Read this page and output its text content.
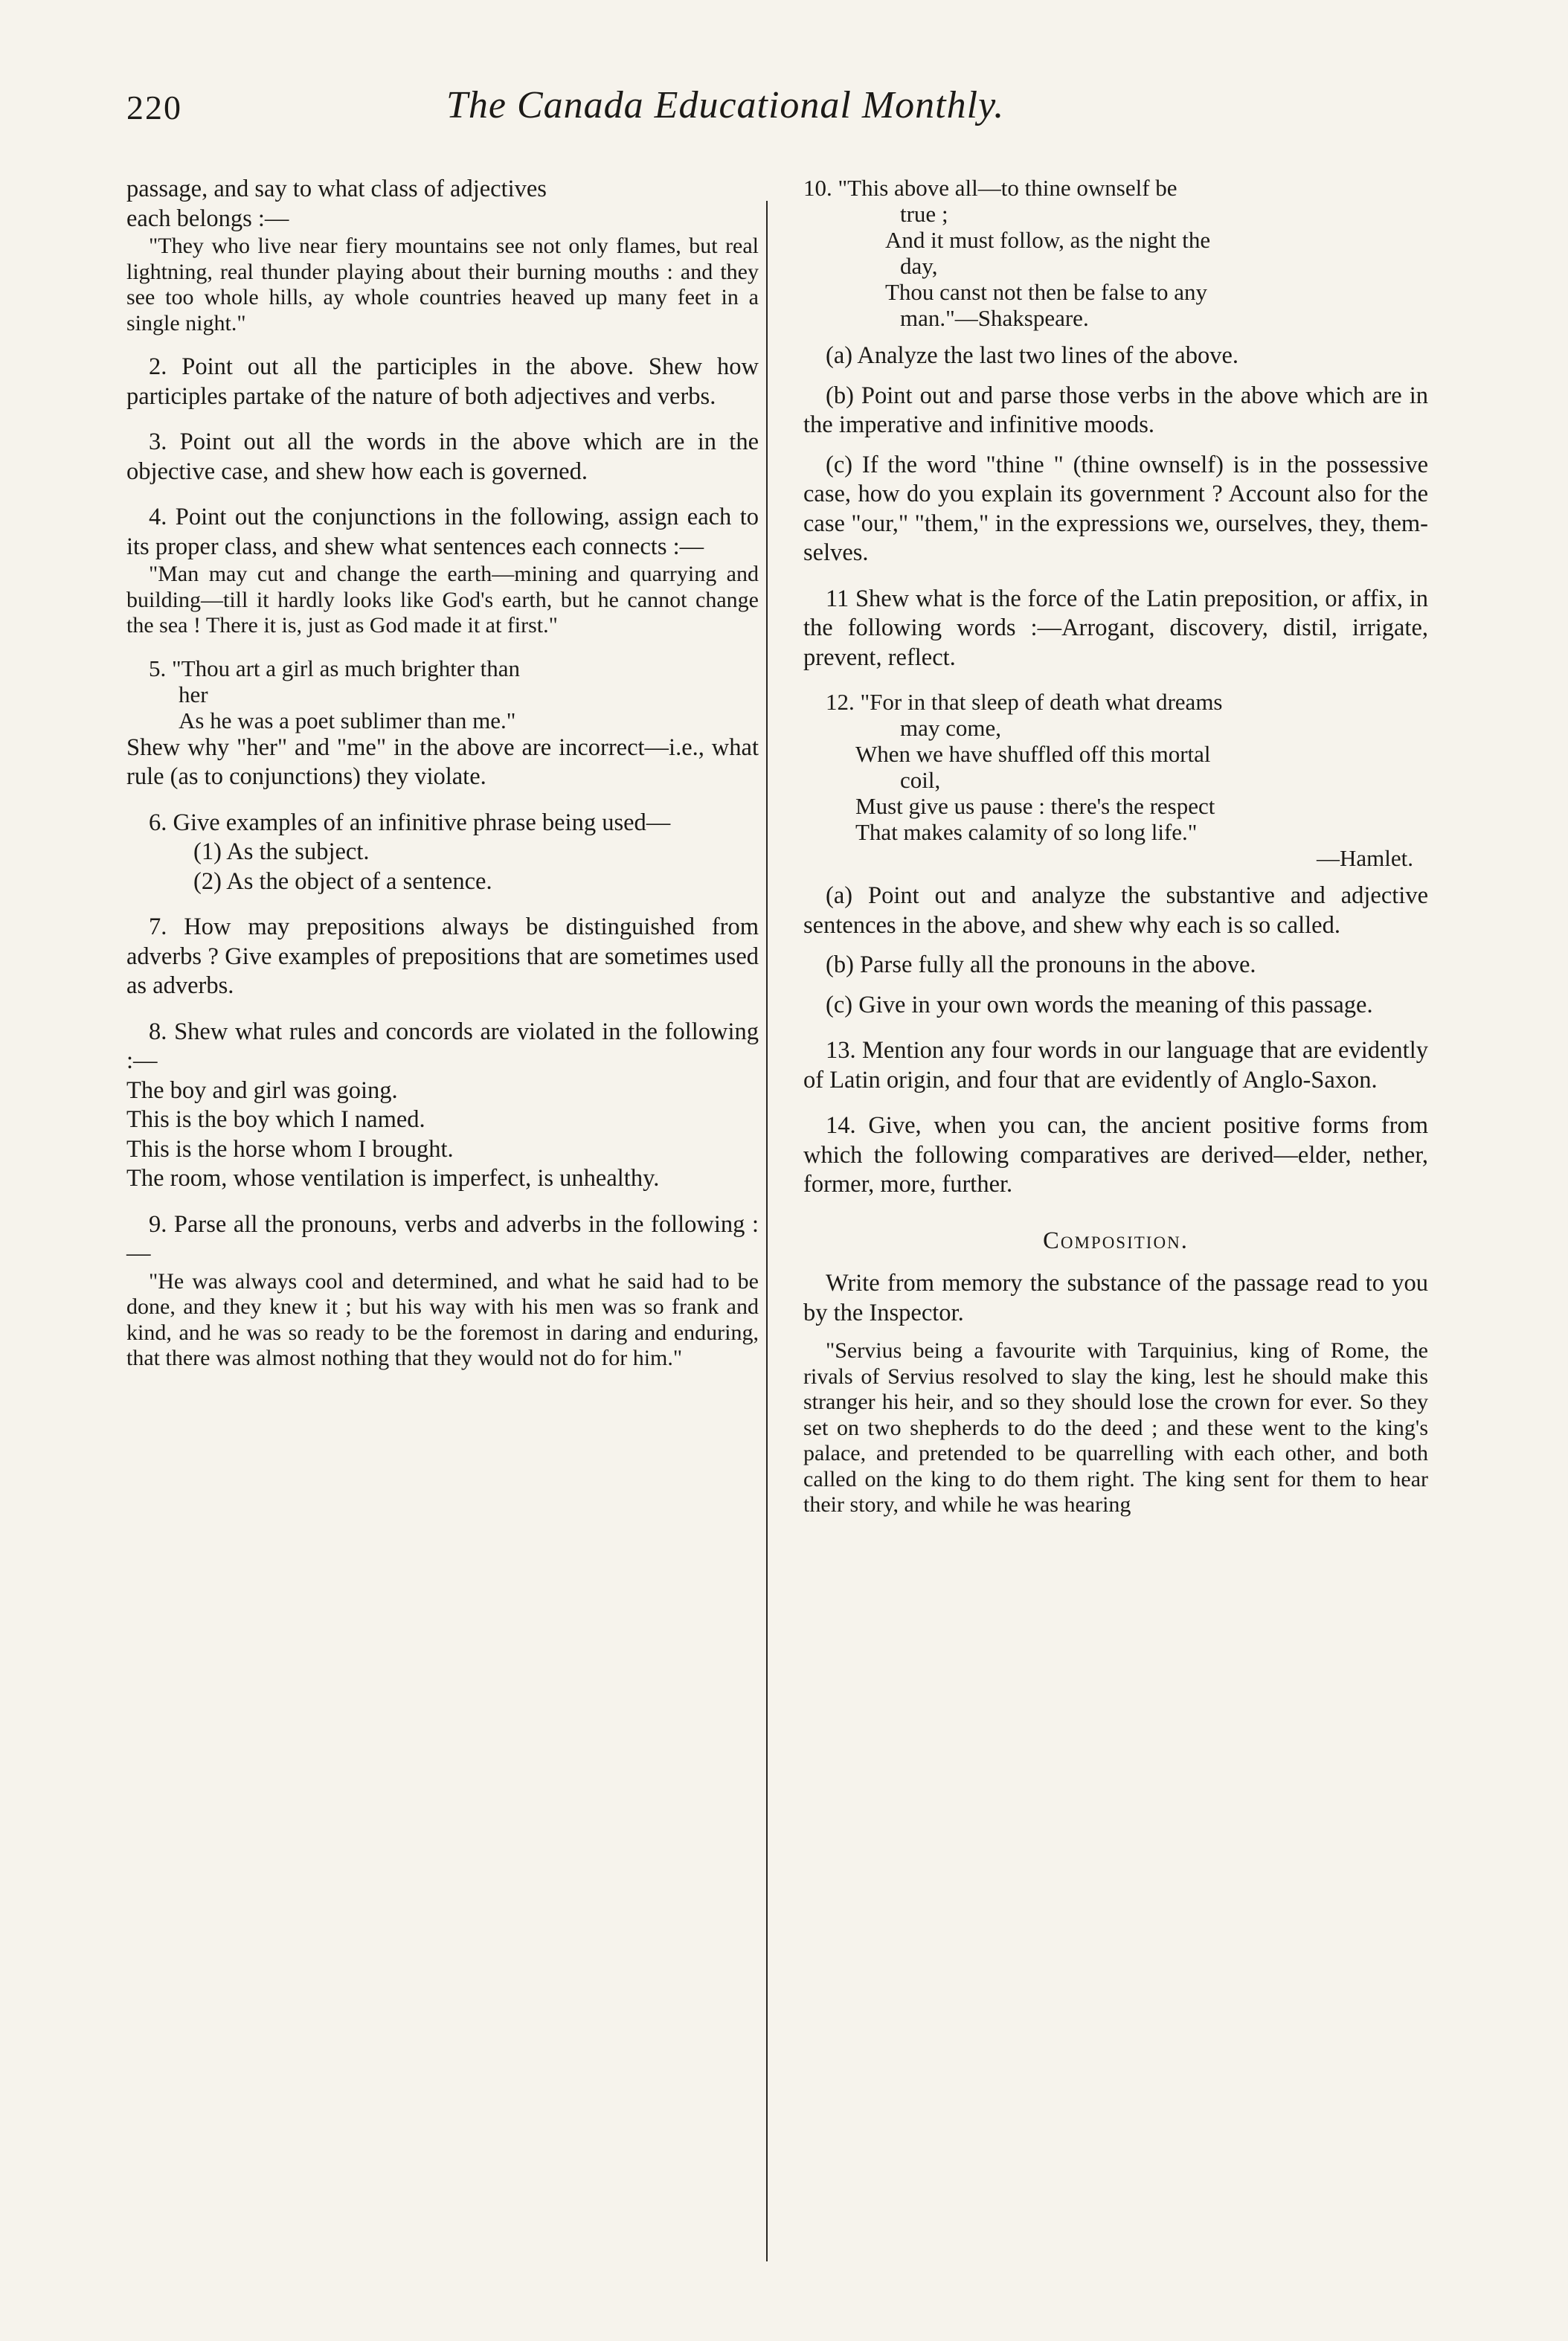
220	The Canada Educational Monthly.

passage, and say to what class of adjectives

each belongs :—

"They who live near fiery mountains see not only flames, but real lightning, real thunder playing about their burning mouths : and they see too whole hills, ay whole countries heaved up many feet in a single night."

2. Point out all the participles in the above. Shew how participles partake of the nature of both adjectives and verbs.

3. Point out all the words in the above which are in the objective case, and shew how each is governed.

4. Point out the conjunctions in the following, assign each to its proper class, and shew what sentences each connects :—

"Man may cut and change the earth—mining and quarrying and building—till it hardly looks like God's earth, but he cannot change the sea ! There it is, just as God made it at first."

5. "Thou art a girl as much brighter than

her

As he was a poet sublimer than me."

Shew why "her" and "me" in the above are incorrect—i.e., what rule (as to conjunctions) they violate.

6. Give examples of an infinitive phrase being used—

(1) As the subject.

(2) As the object of a sentence.

7. How may prepositions always be distinguished from adverbs ? Give examples of prepositions that are sometimes used as adverbs.

8. Shew what rules and concords are violated in the following :—

The boy and girl was going.

This is the boy which I named.

This is the horse whom I brought.

The room, whose ventilation is imperfect, is unhealthy.

9. Parse all the pronouns, verbs and adverbs in the following :—

"He was always cool and determined, and what he said had to be done, and they knew it ; but his way with his men was so frank and kind, and he was so ready to be the foremost in daring and enduring, that there was almost nothing that they would not do for him."

10. "This above all—to thine ownself be

true ;

And it must follow, as the night the

day,

Thou canst not then be false to any

man."—Shakspeare.

(a) Analyze the last two lines of the above.

(b) Point out and parse those verbs in the above which are in the imperative and infinitive moods.

(c) If the word "thine " (thine ownself) is in the possessive case, how do you explain its government ? Account also for the case "our," "them," in the expressions we, ourselves, they, them-selves.

11 Shew what is the force of the Latin preposition, or affix, in the following words :—Arrogant, discovery, distil, irrigate, prevent, reflect.

12. "For in that sleep of death what dreams

may come,

When we have shuffled off this mortal

coil,

Must give us pause : there's the respect

That makes calamity of so long life."

—Hamlet.

(a) Point out and analyze the substantive and adjective sentences in the above, and shew why each is so called.

(b) Parse fully all the pronouns in the above.

(c) Give in your own words the meaning of this passage.

13. Mention any four words in our language that are evidently of Latin origin, and four that are evidently of Anglo-Saxon.

14. Give, when you can, the ancient positive forms from which the following comparatives are derived—elder, nether, former, more, further.

Composition.

Write from memory the substance of the passage read to you by the Inspector.

"Servius being a favourite with Tarquinius, king of Rome, the rivals of Servius resolved to slay the king, lest he should make this stranger his heir, and so they should lose the crown for ever. So they set on two shepherds to do the deed ; and these went to the king's palace, and pretended to be quarrelling with each other, and both called on the king to do them right. The king sent for them to hear their story, and while he was hearing
